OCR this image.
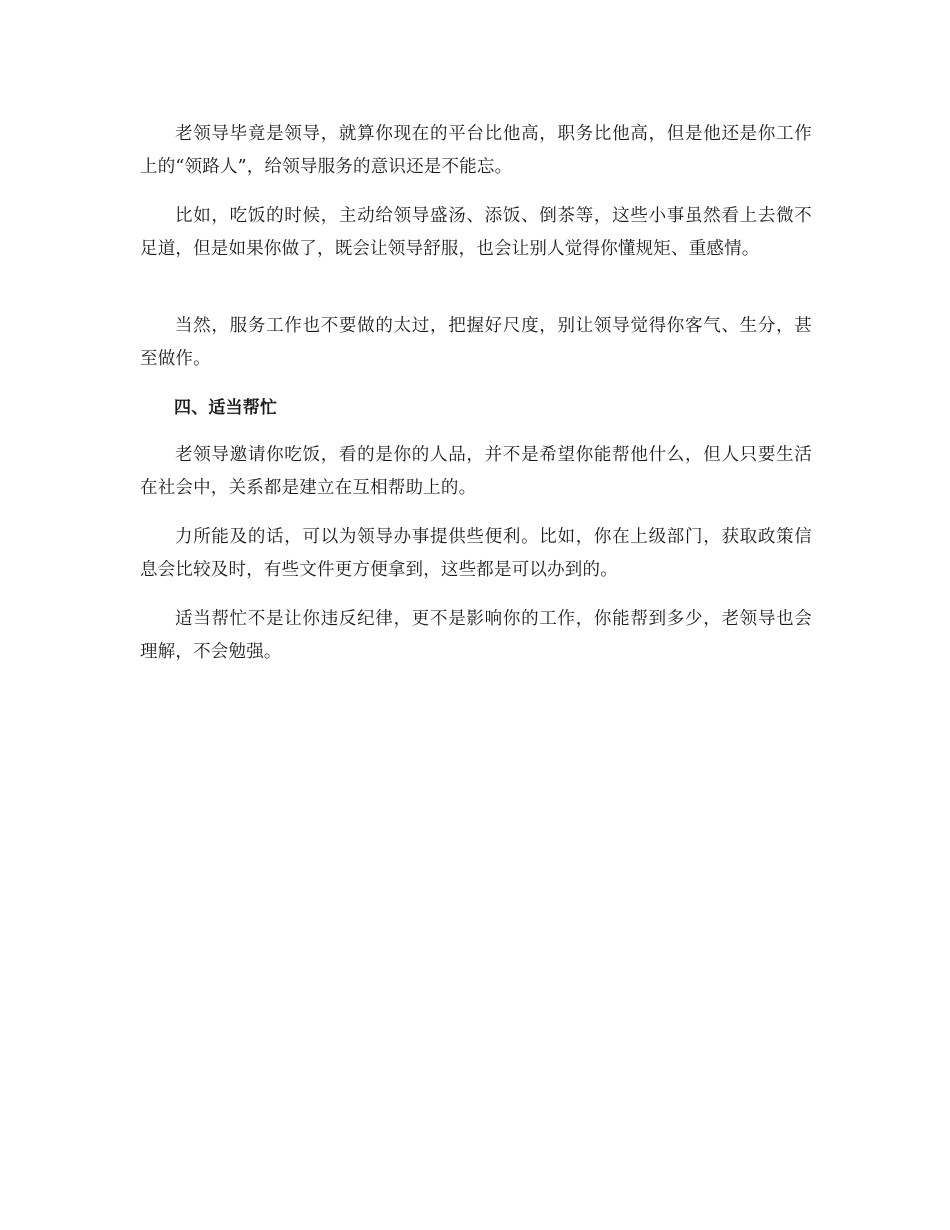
老领导毕竟是领导，就算你现在的平台比他高，职务比他高，但是他还是你工作上的“领路人”，给领导服务的意识还是不能忘。

比如，吃饭的时候，主动给领导盛汤、添饭、倒茶等，这些小事虽然看上去微不足道，但是如果你做了，既会让领导舒服，也会让别人觉得你懂规矩、重感情。

当然，服务工作也不要做的太过，把握好尺度，别让领导觉得你客气、生分，甚至做作。

四、适当帮忙

老领导邀请你吃饭，看的是你的人品，并不是希望你能帮他什么，但人只要生活在社会中，关系都是建立在互相帮助上的。

力所能及的话，可以为领导办事提供些便利。比如，你在上级部门，获取政策信息会比较及时，有些文件更方便拿到，这些都是可以办到的。

适当帮忙不是让你违反纪律，更不是影响你的工作，你能帮到多少，老领导也会理解，不会勉强。
